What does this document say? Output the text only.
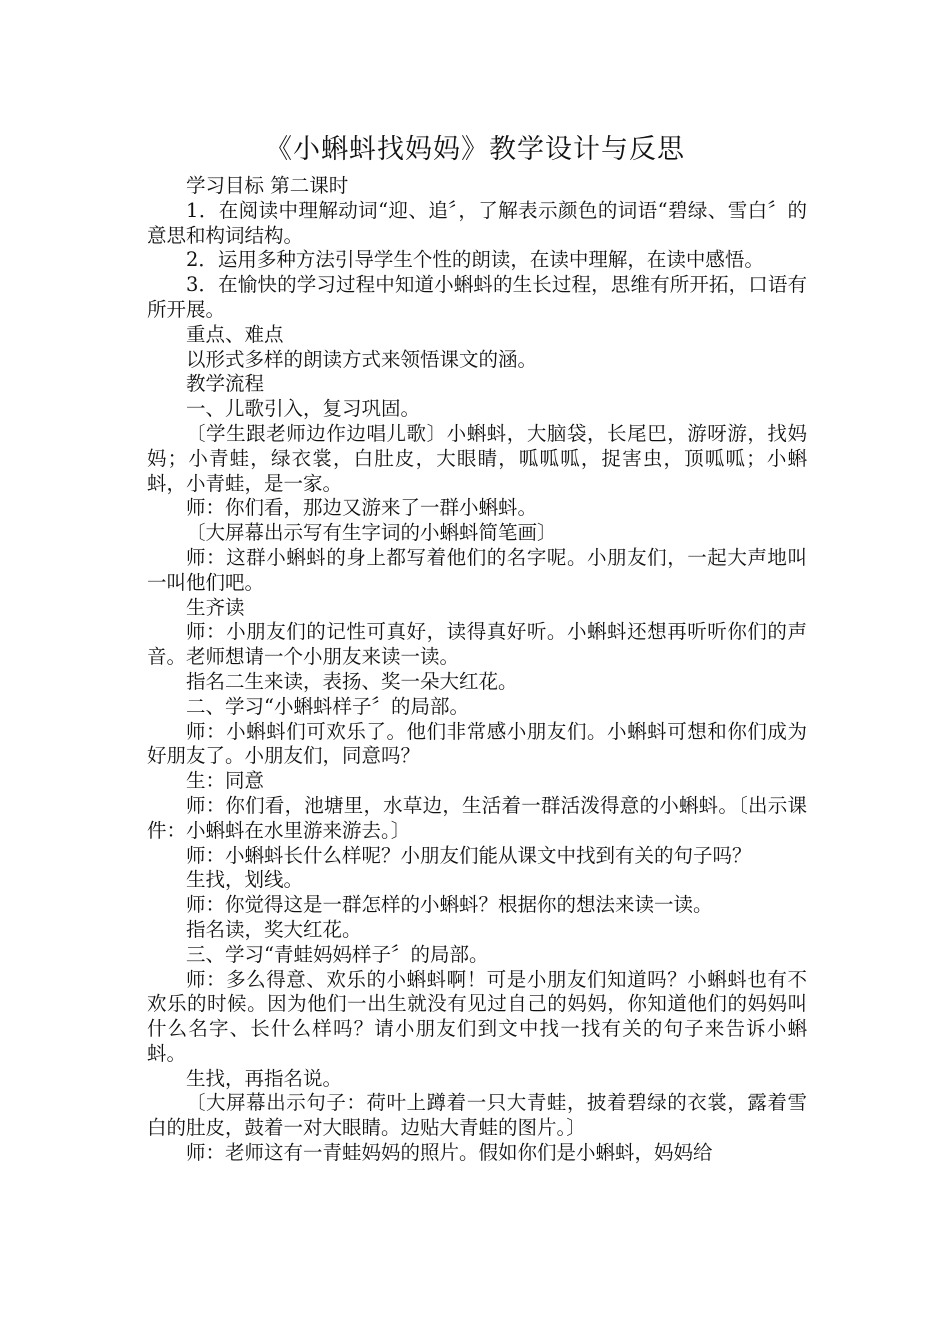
《小蝌蚪找妈妈》教学设计与反思

学习目标 第二课时

1．在阅读中理解动词“迎、追〞，了解表示颜色的词语“碧绿、雪白〞的意思和构词结构。

2．运用多种方法引导学生个性的朗读，在读中理解，在读中感悟。

3．在愉快的学习过程中知道小蝌蚪的生长过程，思维有所开拓，口语有所开展。

重点、难点

以形式多样的朗读方式来领悟课文的涵。

教学流程

一、儿歌引入，复习巩固。

〔学生跟老师边作边唱儿歌〕小蝌蚪，大脑袋，长尾巴，游呀游，找妈妈；小青蛙，绿衣裳，白肚皮，大眼睛，呱呱呱，捉害虫，顶呱呱；小蝌蚪，小青蛙，是一家。

师：你们看，那边又游来了一群小蝌蚪。

〔大屏幕出示写有生字词的小蝌蚪简笔画〕

师：这群小蝌蚪的身上都写着他们的名字呢。小朋友们，一起大声地叫一叫他们吧。

生齐读

师：小朋友们的记性可真好，读得真好听。小蝌蚪还想再听听你们的声音。老师想请一个小朋友来读一读。

指名二生来读，表扬、奖一朵大红花。

二、学习“小蝌蚪样子〞的局部。

师：小蝌蚪们可欢乐了。他们非常感小朋友们。小蝌蚪可想和你们成为好朋友了。小朋友们，同意吗？

生：同意

师：你们看，池塘里，水草边，生活着一群活泼得意的小蝌蚪。〔出示课件：小蝌蚪在水里游来游去。〕

师：小蝌蚪长什么样呢？小朋友们能从课文中找到有关的句子吗？

生找，划线。

师：你觉得这是一群怎样的小蝌蚪？根据你的想法来读一读。

指名读，奖大红花。

三、学习“青蛙妈妈样子〞的局部。

师：多么得意、欢乐的小蝌蚪啊！可是小朋友们知道吗？小蝌蚪也有不欢乐的时候。因为他们一出生就没有见过自己的妈妈，你知道他们的妈妈叫什么名字、长什么样吗？请小朋友们到文中找一找有关的句子来告诉小蝌蚪。

生找，再指名说。

〔大屏幕出示句子：荷叶上蹲着一只大青蛙，披着碧绿的衣裳，露着雪白的肚皮，鼓着一对大眼睛。边贴大青蛙的图片。〕

师：老师这有一青蛙妈妈的照片。假如你们是小蝌蚪，妈妈给
